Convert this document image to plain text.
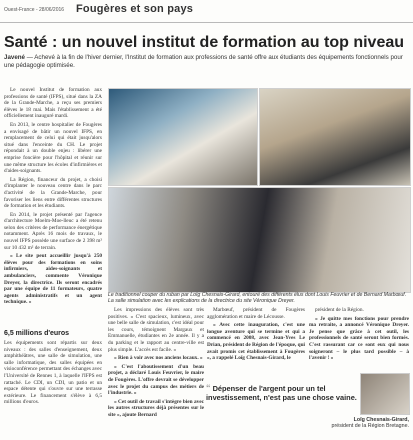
Ouest-France - 28/06/2016 Fougères et son pays
Santé : un nouvel institut de formation au top niveau
Javené — Achevé à la fin de l'hiver dernier, l'Institut de formation aux professions de santé offre aux étudiants des équipements fonctionnels pour une pédagogie optimisée.

Le nouvel Institut de formation aux professions de santé (IFPS), situé dans la ZA de la Grande-Marche, a reçu ses premiers élèves le 18 mai. Mais l'établissement a été officiellement inauguré mardi.

En 2013, le centre hospitalier de Fougères a envisagé de bâtir un nouvel IFPS, en remplacement de celui qui était jusqu'alors situé dans l'enceinte du CH. Le projet répondait à un double enjeu : libérer une emprise foncière pour l'hôpital et réunir sur une même structure les écoles d'infirmières et d'aides-soignants.

La Région, financeur du projet, a choisi d'implanter le nouveau centre dans le parc d'activité de la Grande-Marche, pour favoriser les liens entre différentes structures de formation et les étudiants.

En 2014, le projet présenté par l'agence d'architecture Moelm-Moe-lleuc a été retenu selon des critères de performance énergétique notamment. Après 16 mois de travaux, le nouvel IFPS possède une surface de 2 398 m² sur 10 432 m² de terrain.

« Le site peut accueillir jusqu'à 250 élèves pour des formations en soins infirmiers, aides-soignants et ambulanciers, commente Véronique Dreyer, la directrice. Ils seront encadrés par une équipe de 11 formateurs, quatre agents administratifs et un agent technique. »

6,5 millions d'euros
Les équipements sont répartis sur deux niveaux : des salles d'enseignement, deux amphithéâtres, une salle de simulation, une salle informatique, des salles équipées en visioconférence permettant des échanges avec l'Université de Rennes 1, à laquelle l'IFPS est rattaché. Le CDI, un CDI, un patio et un espace détente qui s'ouvre sur une terrasse extérieure. Le financement s'élève à 6,5 millions d'euros.
Le traditionnel couper du ruban par Loïg Chesnais-Girard, entouré des différents élus dont Louis Feuvrier et de Bernard Marbœuf. La salle simulation avec les explications de la directrice du site Véronique Dreyer.

Les impressions des élèves sont très positives. « C'est spacieux, lumineux, avec une belle salle de simulation, c'est idéal pour les cours, témoignent Margaux et Emmanuelle, étudiantes en 2e année. Il y a du parking et le rapport au centre-ville est plus simple. L'accès est facile. »

« Rien à voir avec nos anciens locaux. »

« C'est l'aboutissement d'un beau projet, a déclaré Louis Feuvrier, le maire de Fougères. L'offre devrait se développer avec le projet du campus des métiers de l'industrie. »

« Cet outil de travail s'intègre bien avec les autres structures déjà présentes sur le site », ajoute Bernard

Marbœuf, président de Fougères agglomération et maire de Lécousse.

« Avec cette inauguration, c'est une longue aventure qui se termine et qui a commencé en 2008, avec Jean-Yves Le Drian, président de Région de l'époque, qui avait promis cet établissement à Fougères », a rappelé Loïg Chesnais-Girard, le

président de la Région.

« Je quitte mes fonctions pour prendre ma retraite, a annoncé Véronique Dreyer. Je pense que grâce à cet outil, les professionnels de santé seront bien formés. C'est rassurant car ce sont eux qui nous soigneront – le plus tard possible – à l'avenir ! »

“ Dépenser de l'argent pour un tel investissement, n'est pas une chose vaine.
Loïg Chesnais-Girard,
président de la Région Bretagne.
